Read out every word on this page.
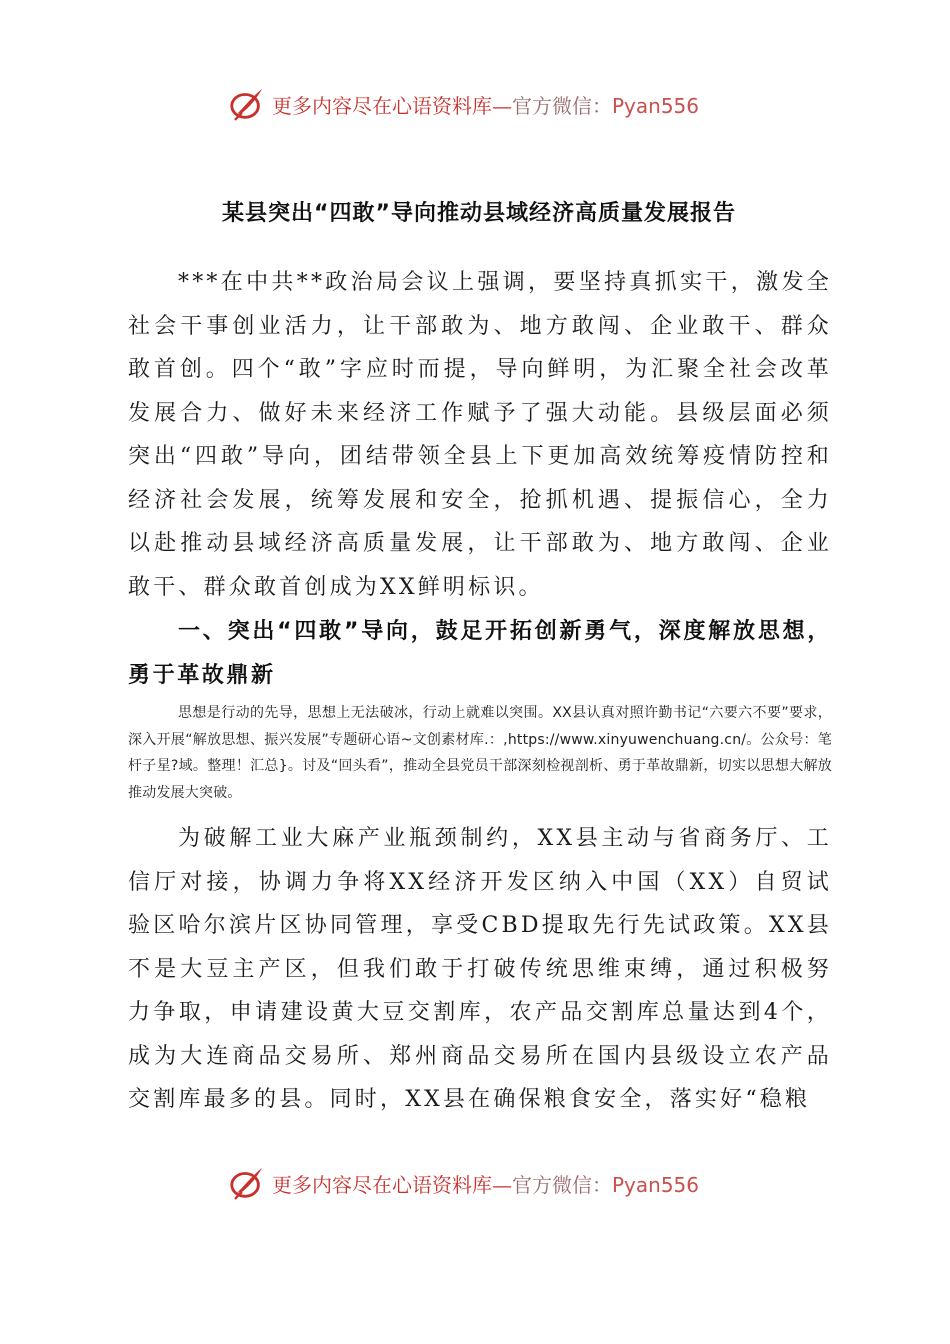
更多内容尽在心语资料库—官方微信：Pyan556
某县突出“四敢”导向推动县域经济高质量发展报告

***在中共**政治局会议上强调，要坚持真抓实干，激发全社会干事创业活力，让干部敢为、地方敢闯、企业敢干、群众敢首创。四个“敢”字应时而提，导向鲜明，为汇聚全社会改革发展合力、做好未来经济工作赋予了强大动能。县级层面必须突出“四敢”导向，团结带领全县上下更加高效统筹疫情防控和经济社会发展，统筹发展和安全，抢抓机遇、提振信心，全力以赴推动县域经济高质量发展，让干部敢为、地方敢闯、企业敢干、群众敢首创成为XX鲜明标识。

一、突出“四敢”导向，鼓足开拓创新勇气，深度解放思想，勇于革故鼎新

思想是行动的先导，思想上无法破冰，行动上就难以突围。XX县认真对照许勤书记“六要六不要”要求，深入开展“解放思想、振兴发展”专题研心语~文创素材库.：,https://www.xinyuwenchuang.cn/。公众号：笔杆子星?域。整理！汇总}。讨及“回头看”，推动全县党员干部深刻检视剖析、勇于革故鼎新，切实以思想大解放推动发展大突破。

为破解工业大麻产业瓶颈制约，XX县主动与省商务厅、工信厅对接，协调力争将XX经济开发区纳入中国（XX）自贸试验区哈尔滨片区协同管理，享受CBD提取先行先试政策。XX县不是大豆主产区，但我们敢于打破传统思维束缚，通过积极努力争取，申请建设黄大豆交割库，农产品交割库总量达到4个，成为大连商品交易所、郑州商品交易所在国内县级设立农产品交割库最多的县。同时，XX县在确保粮食安全，落实好“稳粮

更多内容尽在心语资料库—官方微信：Pyan556
